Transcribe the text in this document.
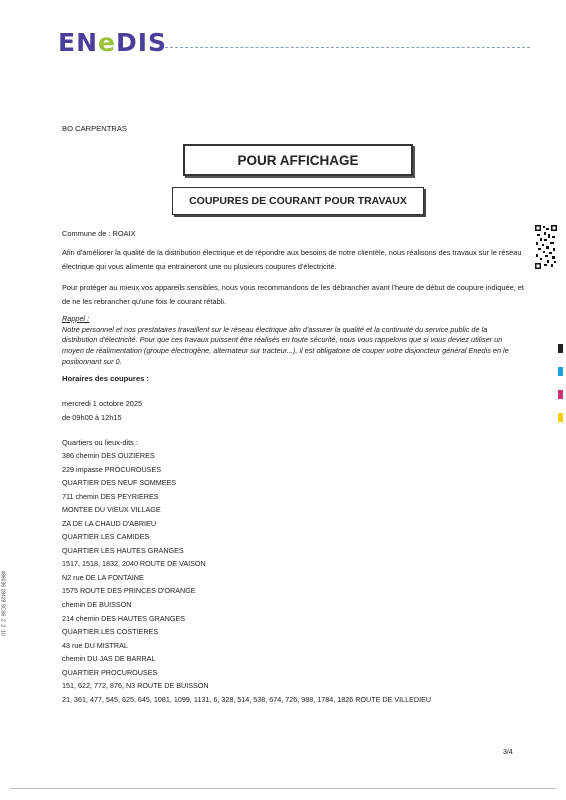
ENeDIS
BO CARPENTRAS
POUR AFFICHAGE
COUPURES DE COURANT POUR TRAVAUX
Commune de : ROAIX
Afin d'améliorer la qualité de la distribution électrique et de répondre aux besoins de notre clientèle, nous réalisons des travaux sur le réseau électrique qui vous alimente qui entraineront une ou plusieurs coupures d'électricité.
Pour protéger au mieux vos appareils sensibles, nous vous recommandons de les débrancher avant l'heure de début de coupure indiquée, et de ne les rebrancher qu'une fois le courant rétabli.
Rappel :
Notre personnel et nos prestataires travaillent sur le réseau électrique afin d'assurer la qualité et la continuité du service public de la distribution d'électricité. Pour que ces travaux puissent être réalisés en toute sécurité, nous vous rappelons que si vous deviez utiliser un moyen de réalimentation (groupe électrogène, alternateur sur tracteur...), il est obligatoire de couper votre disjoncteur général Enedis en le positionnant sur 0.
Horaires des coupures :
mercredi 1 octobre 2025
de 09h00 à 12h15
Quartiers ou lieux-dits :
386 chemin DES OUZIERES
229 impasse PROCUROUSES
QUARTIER DES NEUF SOMMEES
711 chemin DES PEYRIERES
MONTEE DU VIEUX VILLAGE
ZA DE LA CHAUD D'ABRIEU
QUARTIER LES CAMIDES
QUARTIER LES HAUTES GRANGES
1517, 1518, 1832, 2040 ROUTE DE VAISON
N2 rue DE LA FONTAINE
1575 ROUTE DES PRINCES D'ORANGE
chemin DE BUISSON
214 chemin DES HAUTES GRANGES
QUARTIER LES COSTIERES
43 rue DU MISTRAL
chemin DU JAS DE BARRAL
QUARTIER PROCUROUSES
151, 622, 772, 876, N3 ROUTE DE BUISSON
21, 361, 477, 545, 625, 645, 1081, 1099, 1131, 6, 328, 514, 538, 674, 726, 988, 1784, 1826 ROUTE DE VILLEDIEU
3/4
486036 18429 SC36 .2. 2 .10
